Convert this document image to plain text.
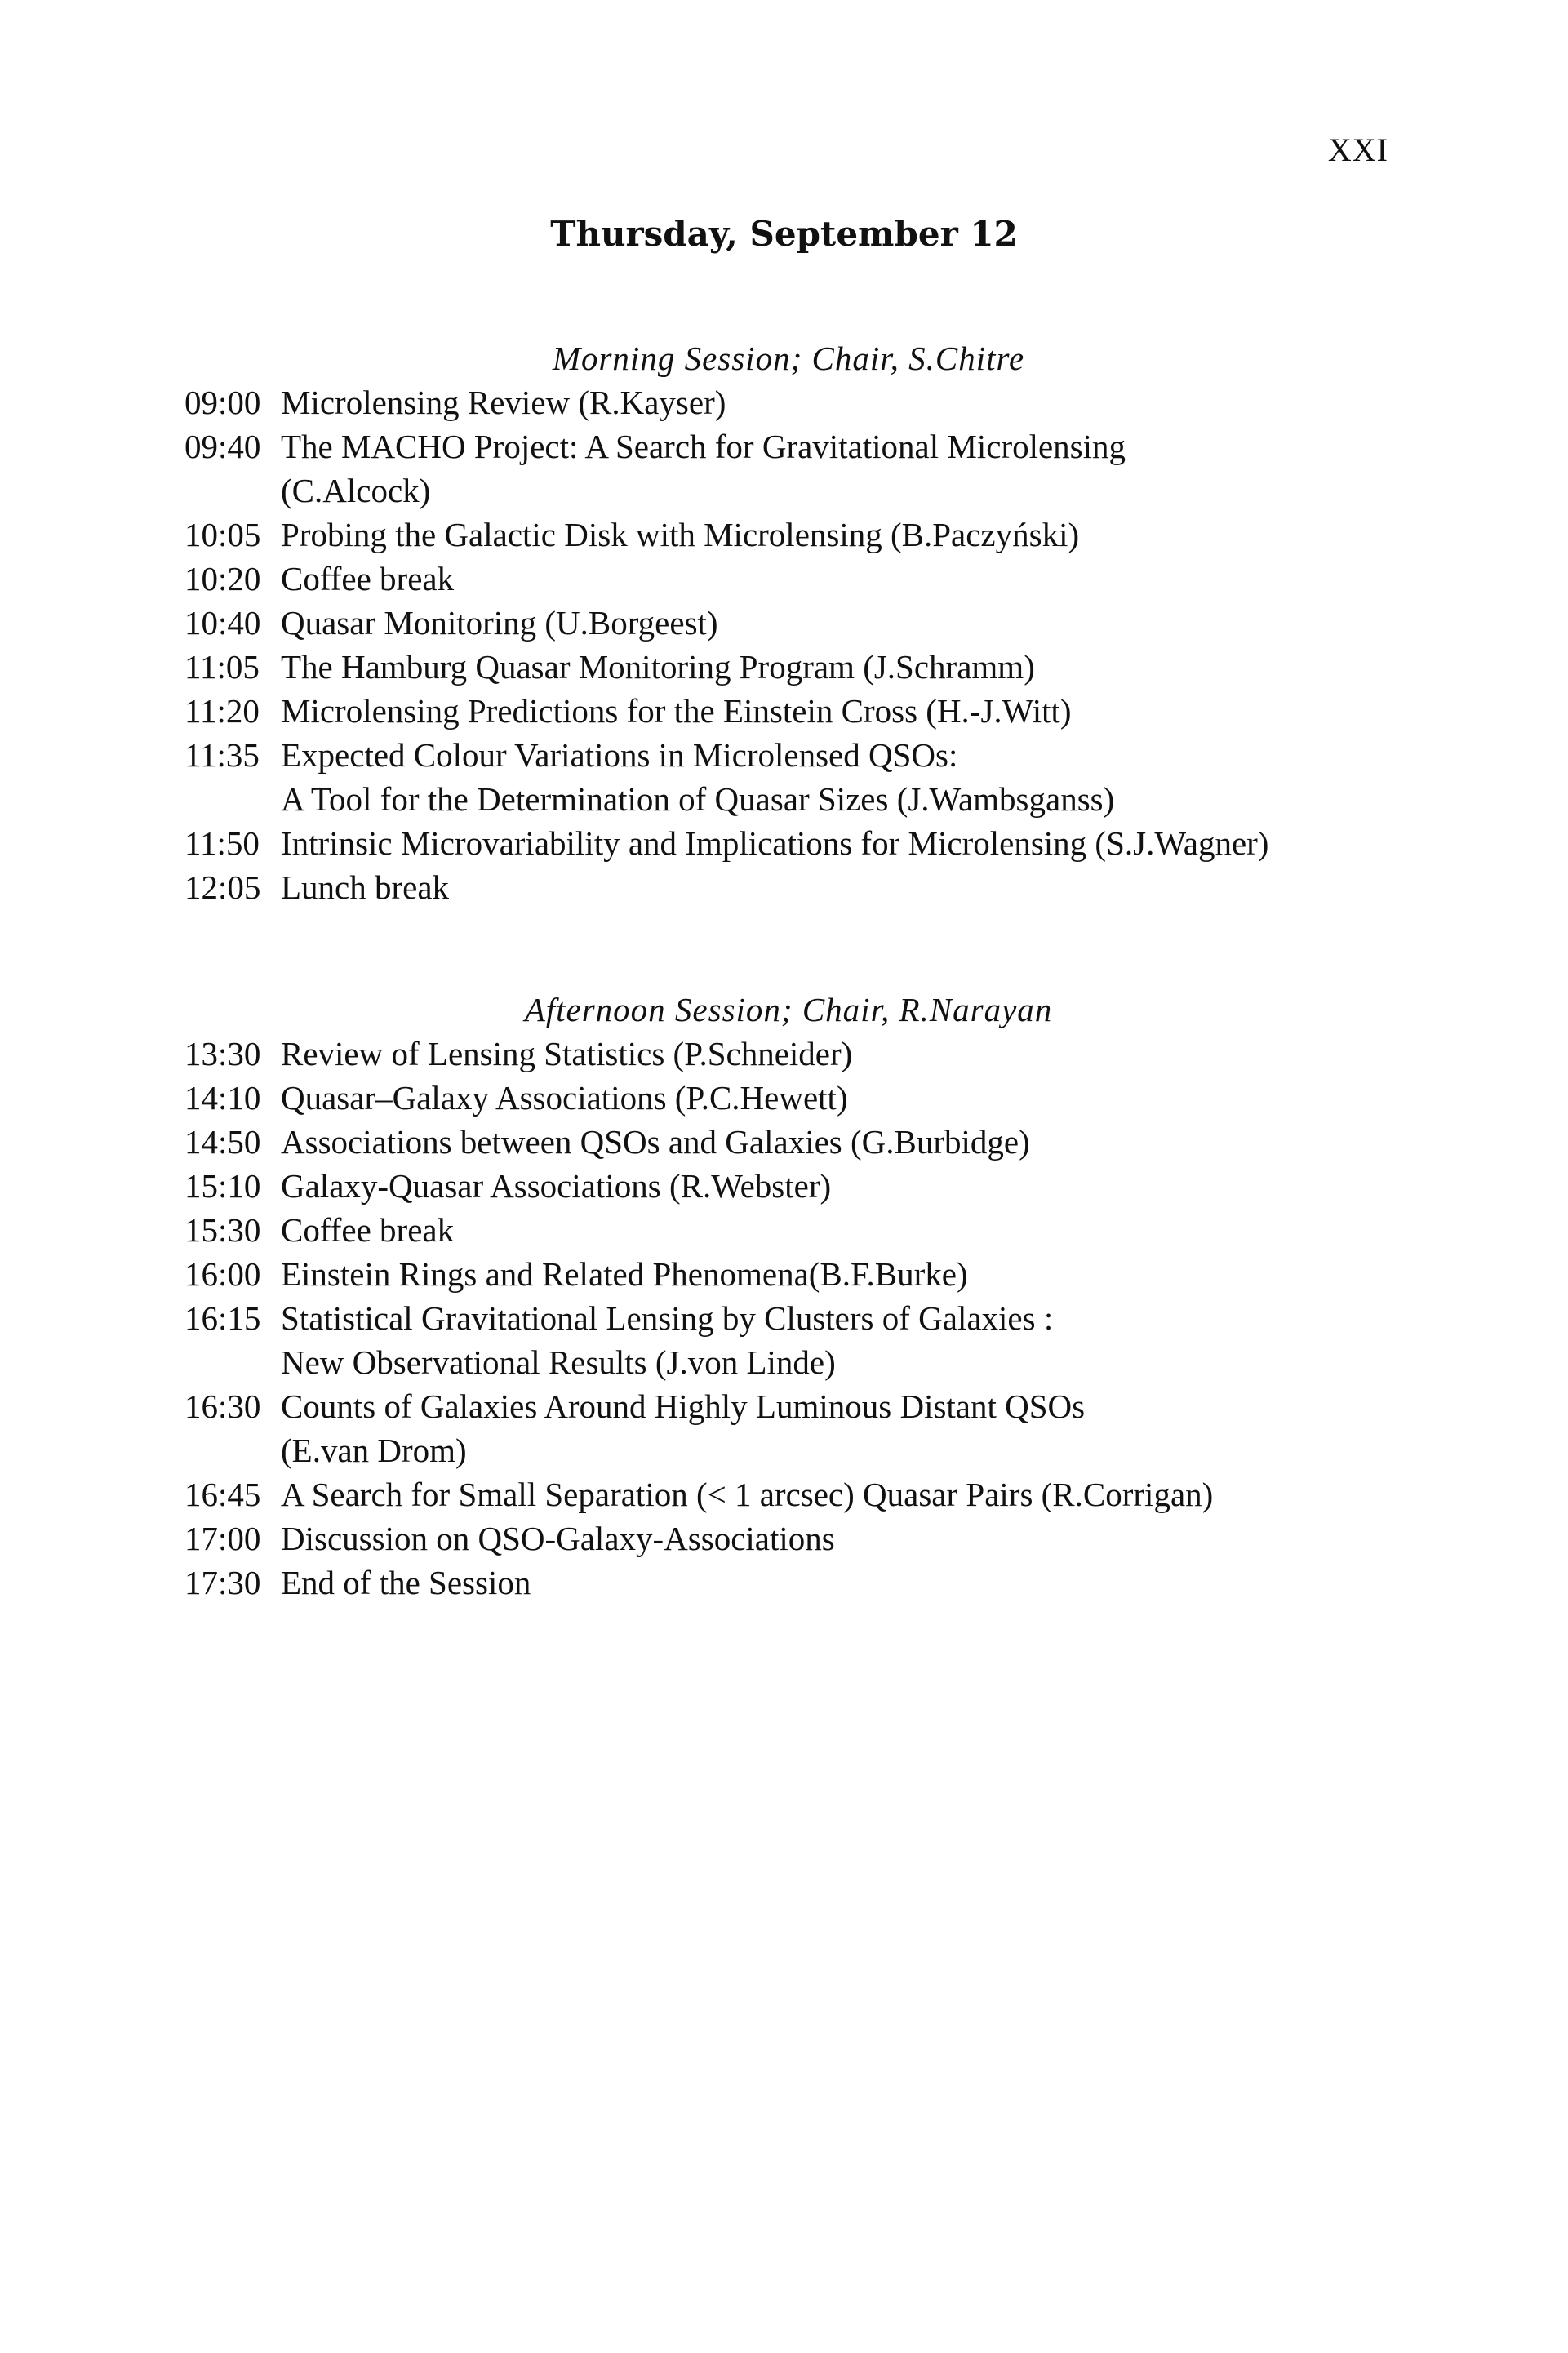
XXI
Thursday, September 12
Morning Session; Chair, S.Chitre
09:00 Microlensing Review (R.Kayser)
09:40 The MACHO Project: A Search for Gravitational Microlensing
(C.Alcock)
10:05 Probing the Galactic Disk with Microlensing (B.Paczyński)
10:20 Coffee break
10:40 Quasar Monitoring (U.Borgeest)
11:05 The Hamburg Quasar Monitoring Program (J.Schramm)
11:20 Microlensing Predictions for the Einstein Cross (H.-J.Witt)
11:35 Expected Colour Variations in Microlensed QSOs:
A Tool for the Determination of Quasar Sizes (J.Wambsganss)
11:50 Intrinsic Microvariability and Implications for Microlensing (S.J.Wagner)
12:05 Lunch break
Afternoon Session; Chair, R.Narayan
13:30 Review of Lensing Statistics (P.Schneider)
14:10 Quasar–Galaxy Associations (P.C.Hewett)
14:50 Associations between QSOs and Galaxies (G.Burbidge)
15:10 Galaxy-Quasar Associations (R.Webster)
15:30 Coffee break
16:00 Einstein Rings and Related Phenomena(B.F.Burke)
16:15 Statistical Gravitational Lensing by Clusters of Galaxies :
New Observational Results (J.von Linde)
16:30 Counts of Galaxies Around Highly Luminous Distant QSOs
(E.van Drom)
16:45 A Search for Small Separation (< 1 arcsec) Quasar Pairs (R.Corrigan)
17:00 Discussion on QSO-Galaxy-Associations
17:30 End of the Session
